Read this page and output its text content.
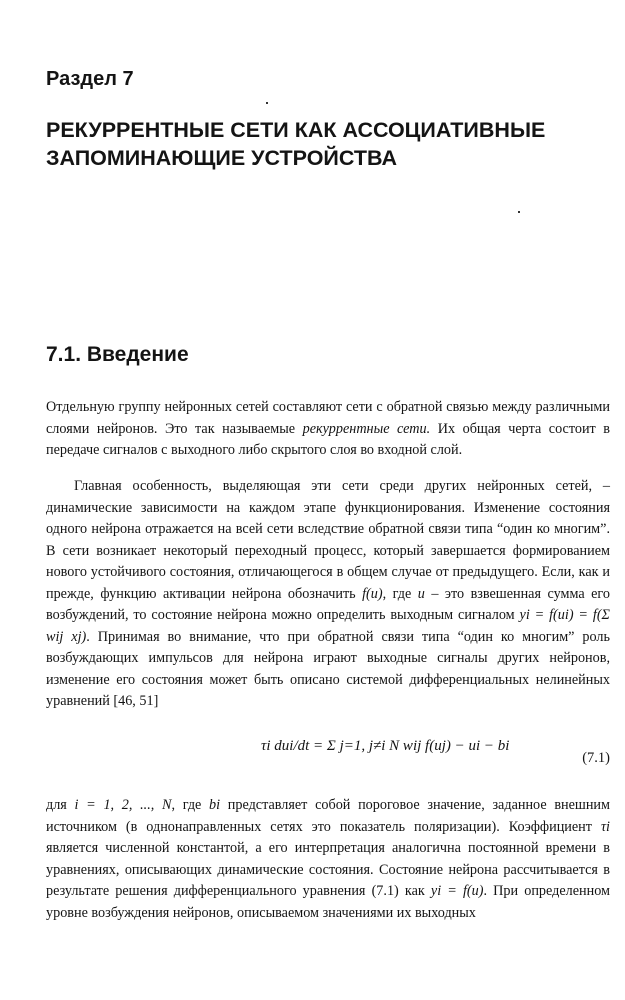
Раздел 7
РЕКУРРЕНТНЫЕ СЕТИ КАК АССОЦИАТИВНЫЕ
ЗАПОМИНАЮЩИЕ УСТРОЙСТВА
7.1. Введение

Отдельную группу нейронных сетей составляют сети с обратной связью между различными слоями нейронов. Это так называемые рекуррентные сети. Их общая черта состоит в передаче сигналов с выходного либо скрытого слоя во входной слой.

Главная особенность, выделяющая эти сети среди других нейронных сетей, – динамические зависимости на каждом этапе функционирования. Изменение состояния одного нейрона отражается на всей сети вследствие обратной связи типа “один ко многим”. В сети возникает некоторый переходный процесс, который завершается формированием нового устойчивого состояния, отличающегося в общем случае от предыдущего. Если, как и прежде, функцию активации нейрона обозначить f(u), где u – это взвешенная сумма его возбуждений, то состояние нейрона можно определить выходным сигналом yi = f(ui) = f(Σ wij xj). Принимая во внимание, что при обратной связи типа “один ко многим” роль возбуждающих импульсов для нейрона играют выходные сигналы других нейронов, изменение его состояния может быть описано системой дифференциальных нелинейных уравнений [46, 51]

τi dui/dt = Σ j=1, j≠i N wij f(uj) − ui − bi
(7.1)

для i = 1, 2, ..., N, где bi представляет собой пороговое значение, заданное внешним источником (в однонаправленных сетях это показатель поляризации). Коэффициент τi является численной константой, а его интерпретация аналогична постоянной времени в уравнениях, описывающих динамические состояния. Состояние нейрона рассчитывается в результате решения дифференциального уравнения (7.1) как yi = f(u). При определенном уровне возбуждения нейронов, описываемом значениями их выходных
